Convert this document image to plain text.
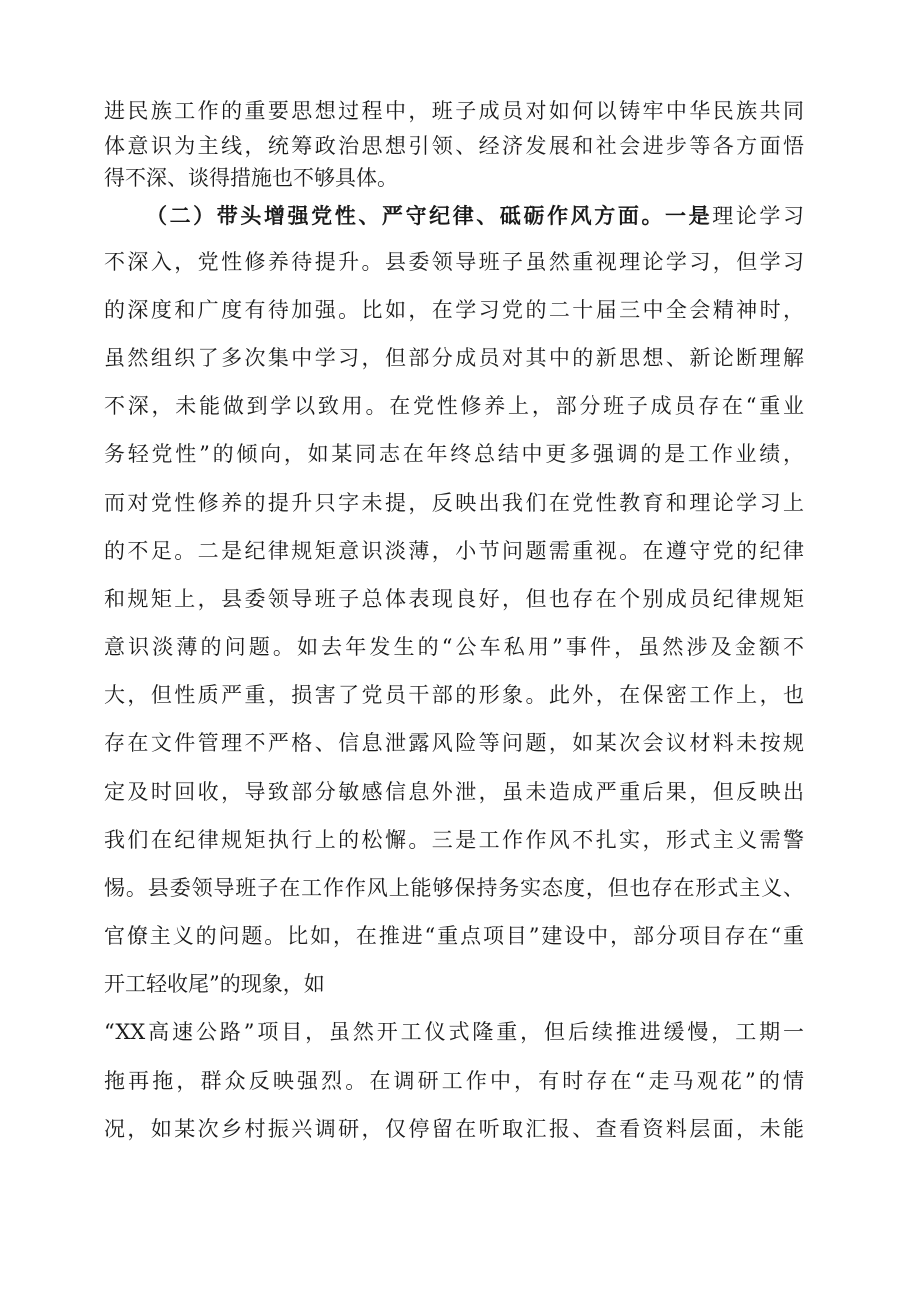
进民族工作的重要思想过程中，班子成员对如何以铸牢中华民族共同
体意识为主线，统筹政治思想引领、经济发展和社会进步等各方面悟
得不深、谈得措施也不够具体。
（二）带头增强党性、严守纪律、砥砺作风方面。一是理论学习
不深入，党性修养待提升。县委领导班子虽然重视理论学习，但学习
的深度和广度有待加强。比如，在学习党的二十届三中全会精神时，
虽然组织了多次集中学习，但部分成员对其中的新思想、新论断理解
不深，未能做到学以致用。在党性修养上，部分班子成员存在“重业
务轻党性”的倾向，如某同志在年终总结中更多强调的是工作业绩，
而对党性修养的提升只字未提，反映出我们在党性教育和理论学习上
的不足。二是纪律规矩意识淡薄，小节问题需重视。在遵守党的纪律
和规矩上，县委领导班子总体表现良好，但也存在个别成员纪律规矩
意识淡薄的问题。如去年发生的“公车私用”事件，虽然涉及金额不
大，但性质严重，损害了党员干部的形象。此外，在保密工作上，也
存在文件管理不严格、信息泄露风险等问题，如某次会议材料未按规
定及时回收，导致部分敏感信息外泄，虽未造成严重后果，但反映出
我们在纪律规矩执行上的松懈。三是工作作风不扎实，形式主义需警
惕。县委领导班子在工作作风上能够保持务实态度，但也存在形式主义、
官僚主义的问题。比如，在推进“重点项目”建设中，部分项目存在“重
开工轻收尾”的现象，如
“XX高速公路”项目，虽然开工仪式隆重，但后续推进缓慢，工期一
拖再拖，群众反映强烈。在调研工作中，有时存在“走马观花”的情
况，如某次乡村振兴调研，仅停留在听取汇报、查看资料层面，未能
